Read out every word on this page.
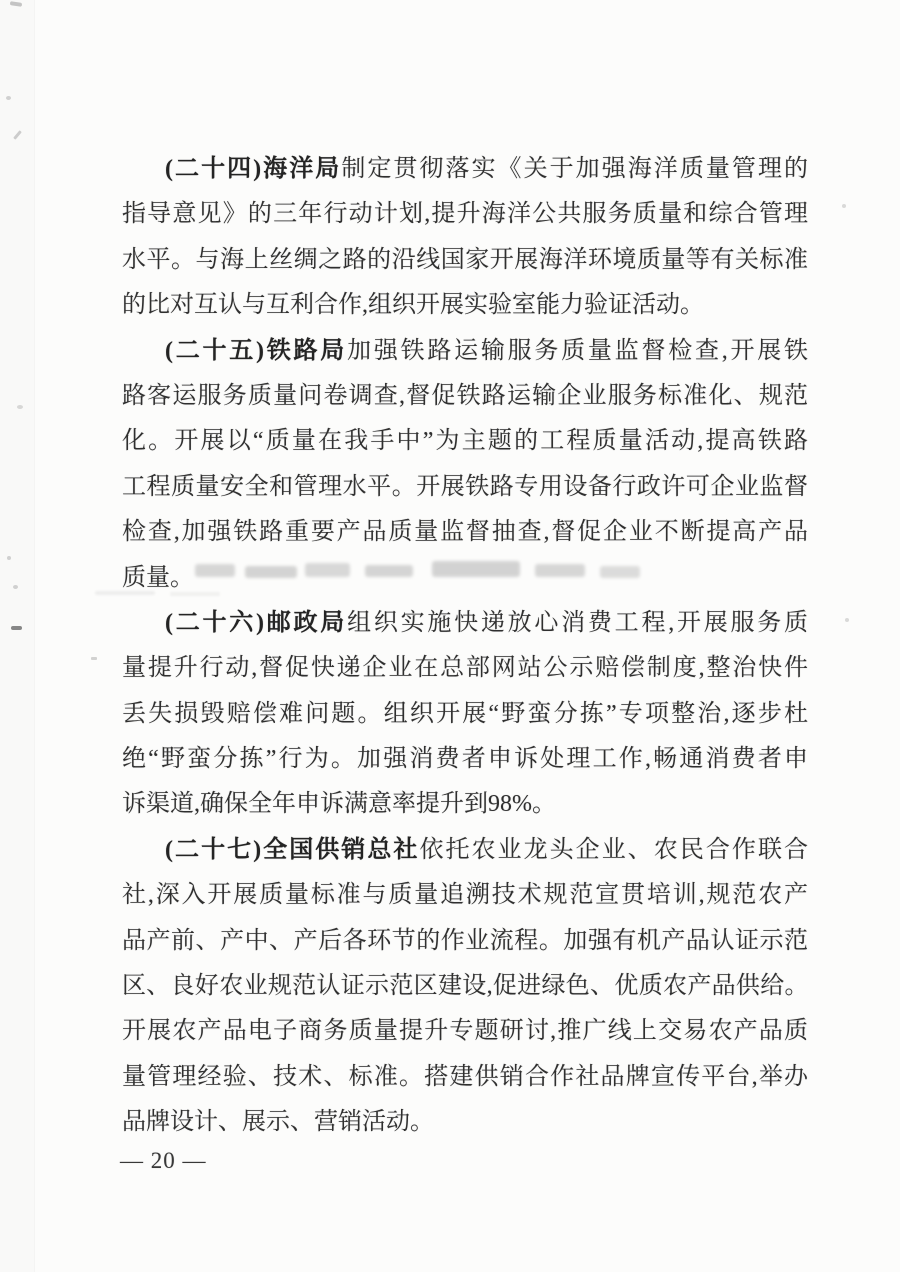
(二十四)海洋局制定贯彻落实《关于加强海洋质量管理的
指导意见》的三年行动计划,提升海洋公共服务质量和综合管理
水平。与海上丝绸之路的沿线国家开展海洋环境质量等有关标准
的比对互认与互利合作,组织开展实验室能力验证活动。
(二十五)铁路局加强铁路运输服务质量监督检查,开展铁
路客运服务质量问卷调查,督促铁路运输企业服务标准化、规范
化。开展以“质量在我手中”为主题的工程质量活动,提高铁路
工程质量安全和管理水平。开展铁路专用设备行政许可企业监督
检查,加强铁路重要产品质量监督抽查,督促企业不断提高产品
质量。
(二十六)邮政局组织实施快递放心消费工程,开展服务质
量提升行动,督促快递企业在总部网站公示赔偿制度,整治快件
丢失损毁赔偿难问题。组织开展“野蛮分拣”专项整治,逐步杜
绝“野蛮分拣”行为。加强消费者申诉处理工作,畅通消费者申
诉渠道,确保全年申诉满意率提升到98%。
(二十七)全国供销总社依托农业龙头企业、农民合作联合
社,深入开展质量标准与质量追溯技术规范宣贯培训,规范农产
品产前、产中、产后各环节的作业流程。加强有机产品认证示范
区、良好农业规范认证示范区建设,促进绿色、优质农产品供给。
开展农产品电子商务质量提升专题研讨,推广线上交易农产品质
量管理经验、技术、标准。搭建供销合作社品牌宣传平台,举办
品牌设计、展示、营销活动。
— 20 —
